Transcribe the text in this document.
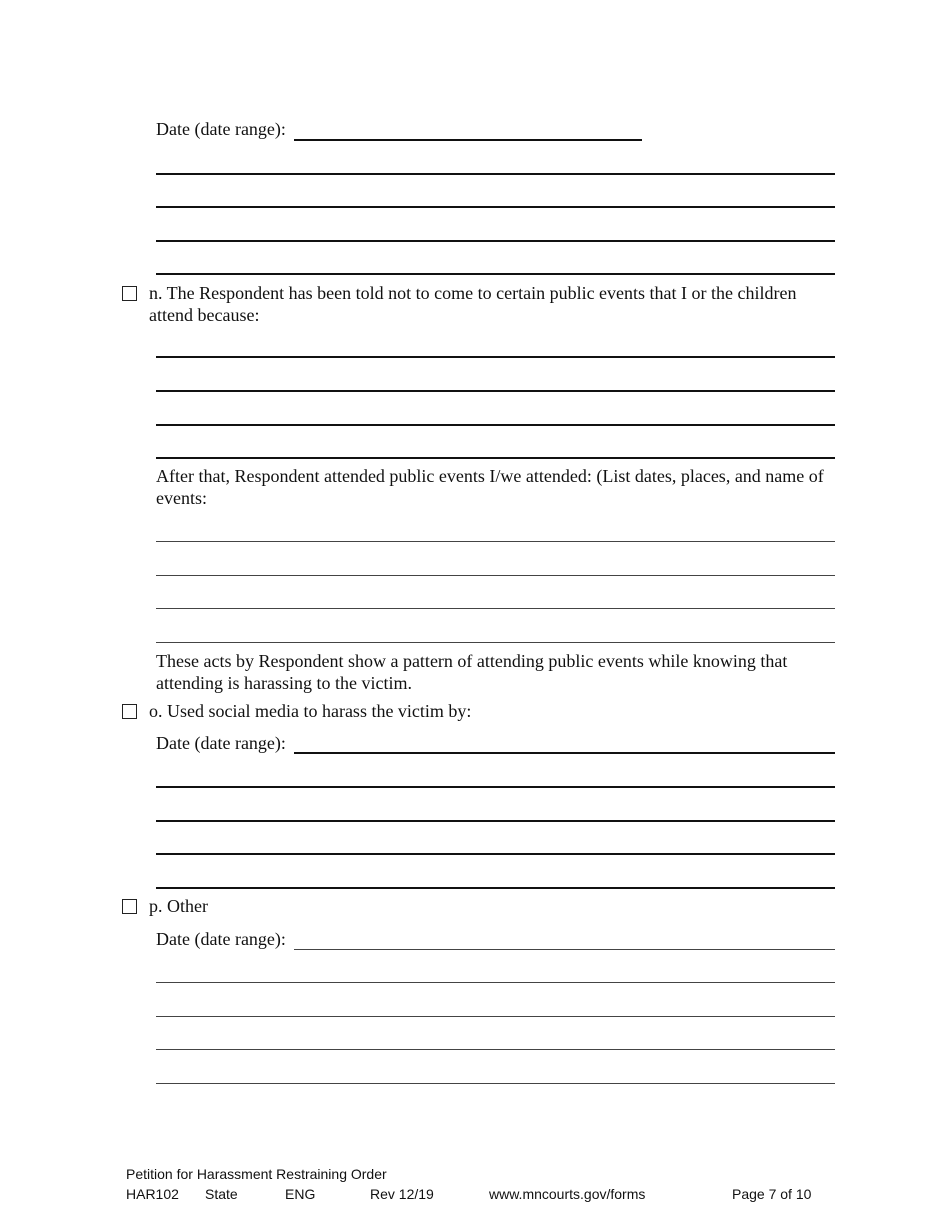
Date (date range):
n. The Respondent has been told not to come to certain public events that I or the children attend because:
After that, Respondent attended public events I/we attended: (List dates, places, and name of events:
These acts by Respondent show a pattern of attending public events while knowing that attending is harassing to the victim.
o. Used social media to harass the victim by:
Date (date range):
p. Other
Date (date range):
Petition for Harassment Restraining Order
HAR102 State	ENG	Rev 12/19	www.mncourts.gov/forms	Page 7 of 10
